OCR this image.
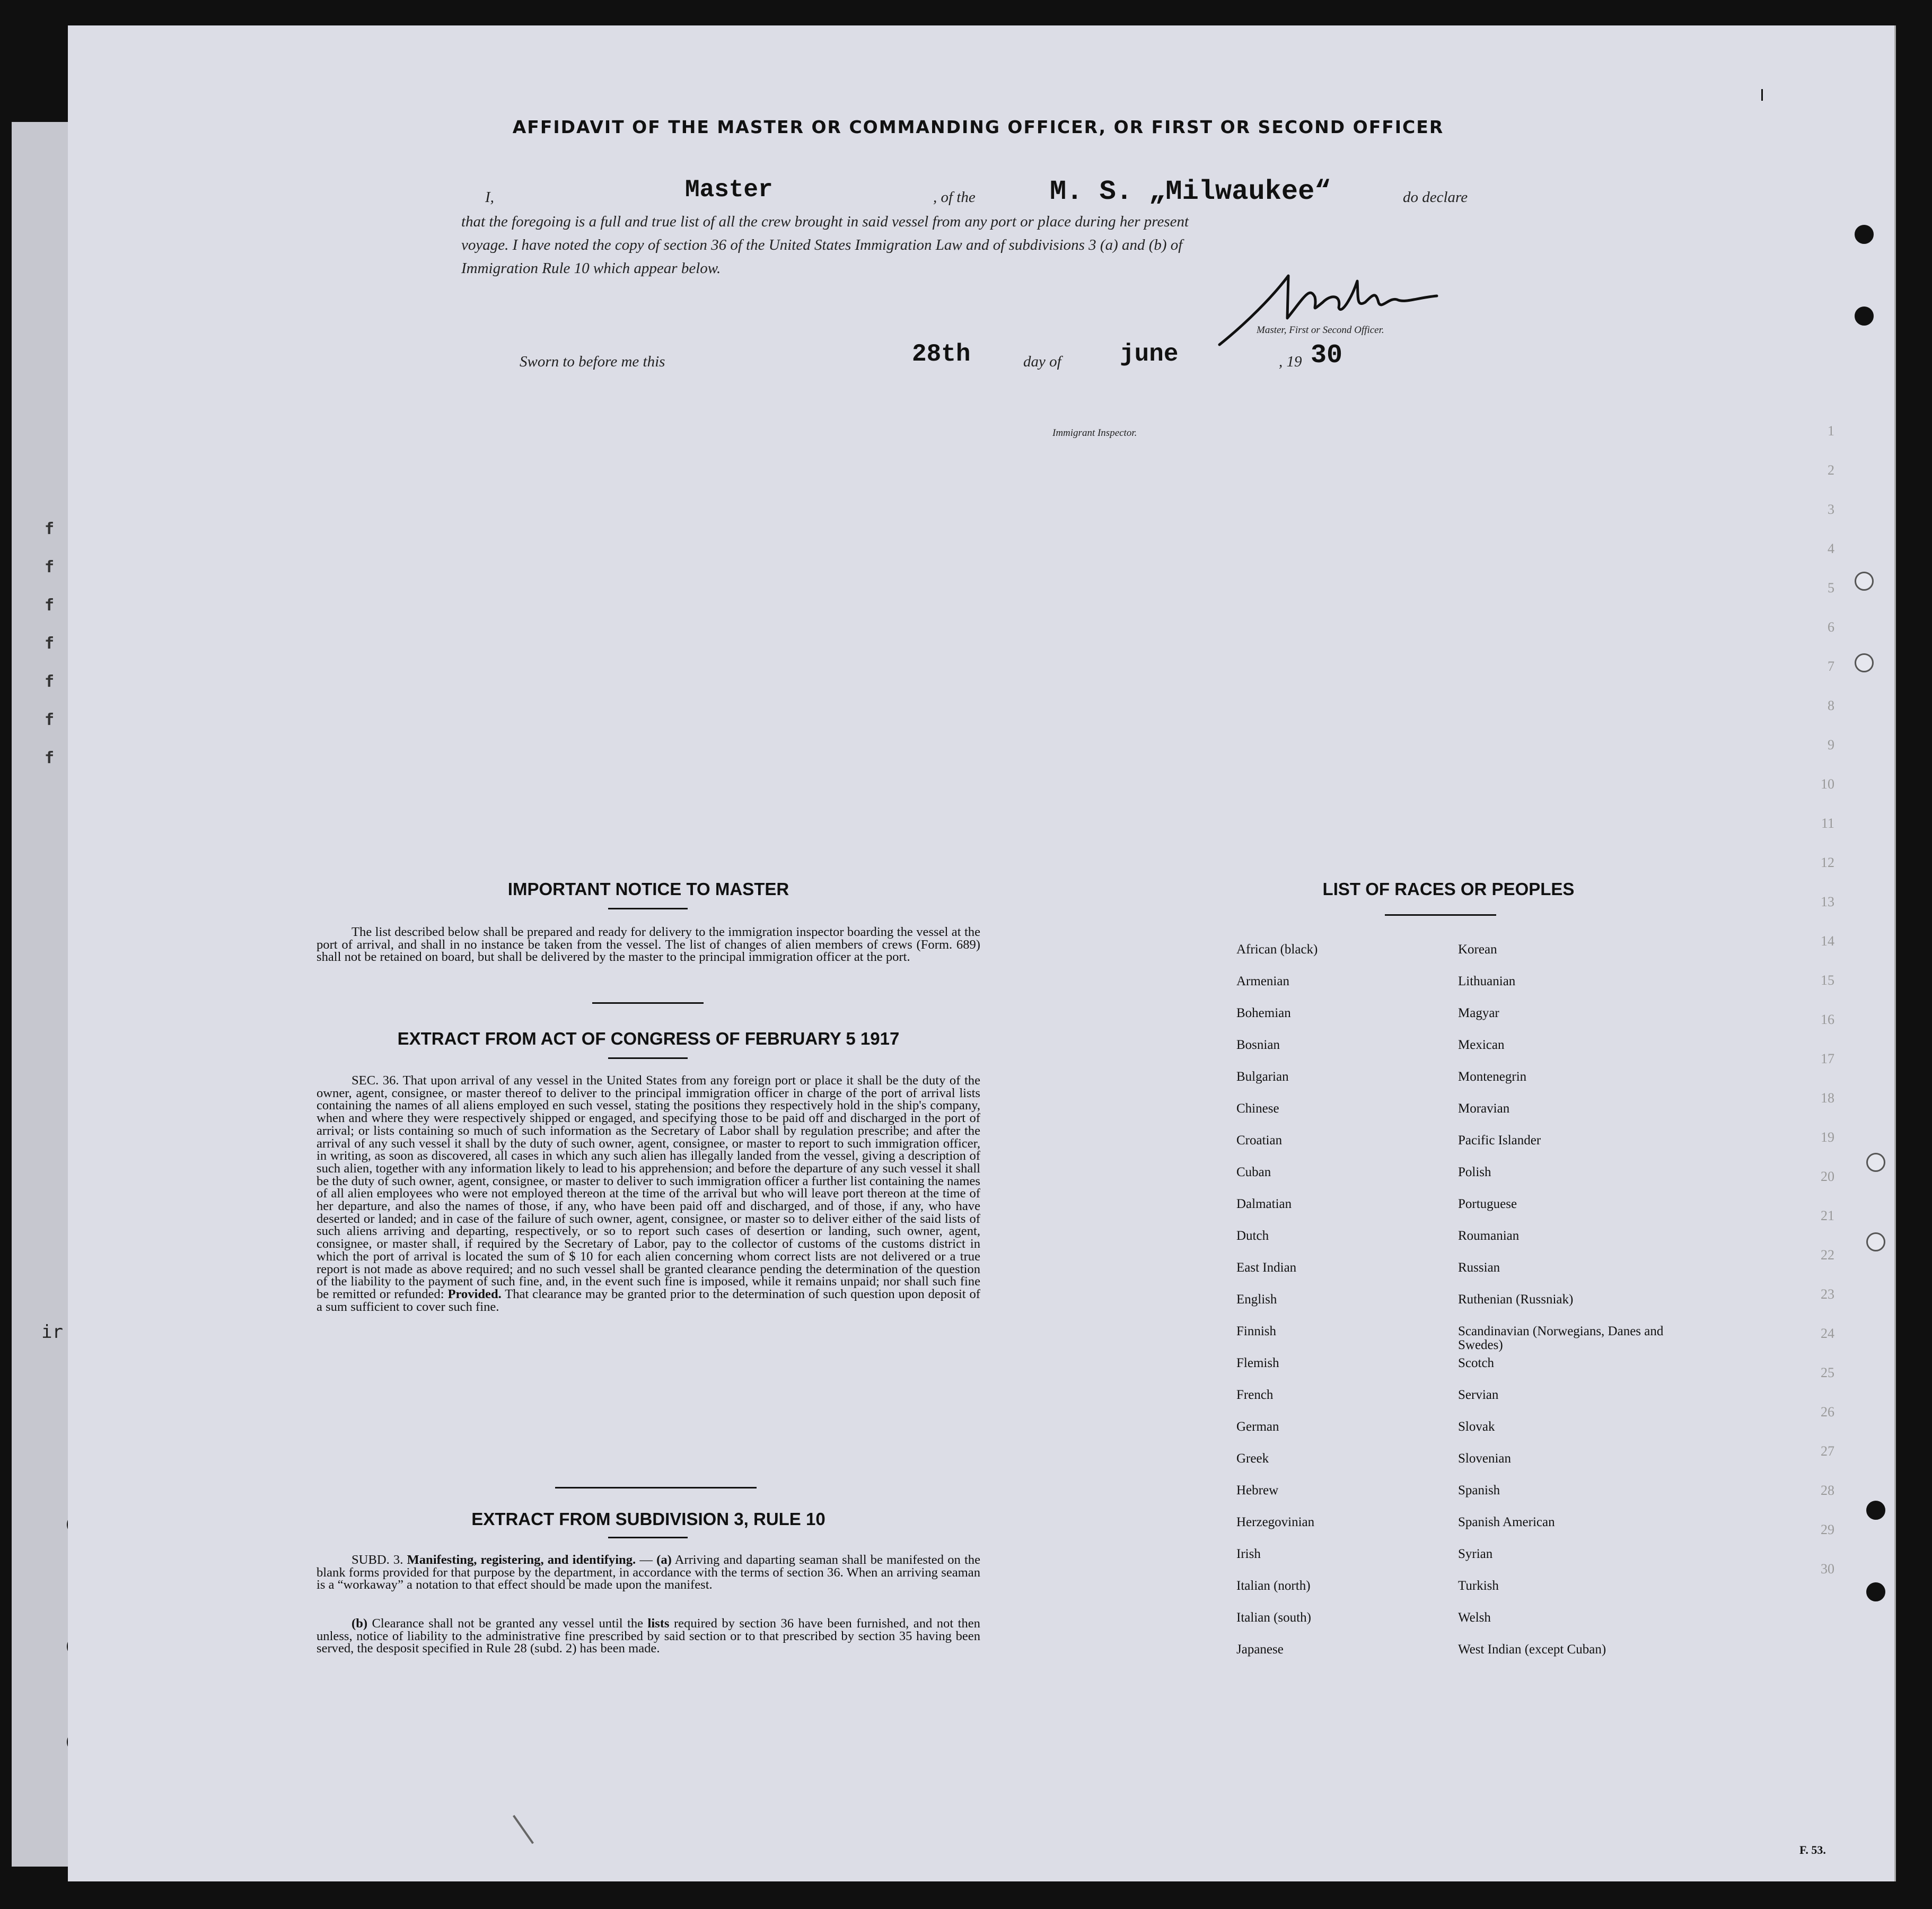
f
f
f
f
f
f
f
ir
1
2
3
4
5
6
7
8
9
10
11
12
13
14
15
16
17
18
19
20
21
22
23
24
25
26
27
28
29
30
F. 53.
AFFIDAVIT OF THE MASTER OR COMMANDING OFFICER, OR FIRST OR SECOND OFFICER
I,	Master	, of the	M. S. „Milwaukee“	do declare
that the foregoing is a full and true list of all the crew brought in said vessel from any port or place during her present
voyage. I have noted the copy of section 36 of the United States Immigration Law and of subdivisions 3 (a) and (b) of
Immigration Rule 10 which appear below.
Master, First or Second Officer.
Sworn to before me this	28th	day of june	, 19 30
Immigrant Inspector.
IMPORTANT NOTICE TO MASTER

The list described below shall be prepared and ready for delivery to the immigration inspector boarding the vessel at the port of arrival, and shall in no instance be taken from the vessel. The list of changes of alien members of crews (Form. 689) shall not be retained on board, but shall be delivered by the master to the principal immigration officer at the port.

EXTRACT FROM ACT OF CONGRESS OF FEBRUARY 5 1917

SEC. 36. That upon arrival of any vessel in the United States from any foreign port or place it shall be the duty of the owner, agent, consignee, or master thereof to deliver to the principal immigration officer in charge of the port of arrival lists containing the names of all aliens employed en such vessel, stating the positions they respectively hold in the ship's company, when and where they were respectively shipped or engaged, and specifying those to be paid off and discharged in the port of arrival; or lists containing so much of such information as the Secretary of Labor shall by regulation prescribe; and after the arrival of any such vessel it shall by the duty of such owner, agent, consignee, or master to report to such immigration officer, in writing, as soon as discovered, all cases in which any such alien has illegally landed from the vessel, giving a description of such alien, together with any information likely to lead to his apprehension; and before the departure of any such vessel it shall be the duty of such owner, agent, consignee, or master to deliver to such immigration officer a further list containing the names of all alien employees who were not employed thereon at the time of the arrival but who will leave port thereon at the time of her departure, and also the names of those, if any, who have been paid off and discharged, and of those, if any, who have deserted or landed; and in case of the failure of such owner, agent, consignee, or master so to deliver either of the said lists of such aliens arriving and departing, respectively, or so to report such cases of desertion or landing, such owner, agent, consignee, or master shall, if required by the Secretary of Labor, pay to the collector of customs of the customs district in which the port of arrival is located the sum of $ 10 for each alien concerning whom correct lists are not delivered or a true report is not made as above required; and no such vessel shall be granted clearance pending the determination of the question of the liability to the payment of such fine, and, in the event such fine is imposed, while it remains unpaid; nor shall such fine be remitted or refunded: Provided. That clearance may be granted prior to the determination of such question upon deposit of a sum sufficient to cover such fine.

EXTRACT FROM SUBDIVISION 3, RULE 10

SUBD. 3. Manifesting, registering, and identifying. — (a) Arriving and daparting seaman shall be manifested on the blank forms provided for that purpose by the department, in accordance with the terms of section 36. When an arriving seaman is a “workaway” a notation to that effect should be made upon the manifest.

(b) Clearance shall not be granted any vessel until the lists required by section 36 have been furnished, and not then unless, notice of liability to the administrative fine prescribed by said section or to that prescribed by section 35 having been served, the desposit specified in Rule 28 (subd. 2) has been made.

LIST OF RACES OR PEOPLES
African (black)	Korean
Armenian	Lithuanian
Bohemian	Magyar
Bosnian	Mexican
Bulgarian	Montenegrin
Chinese	Moravian
Croatian	Pacific Islander
Cuban	Polish
Dalmatian	Portuguese
Dutch	Roumanian
East Indian	Russian
English	Ruthenian (Russniak)
Finnish	Scandinavian (Norwegians, Danes and Swedes)
Flemish	Scotch
French	Servian
German	Slovak
Greek	Slovenian
Hebrew	Spanish
Herzegovinian	Spanish American
Irish	Syrian
Italian (north)	Turkish
Italian (south)	Welsh
Japanese	West Indian (except Cuban)
